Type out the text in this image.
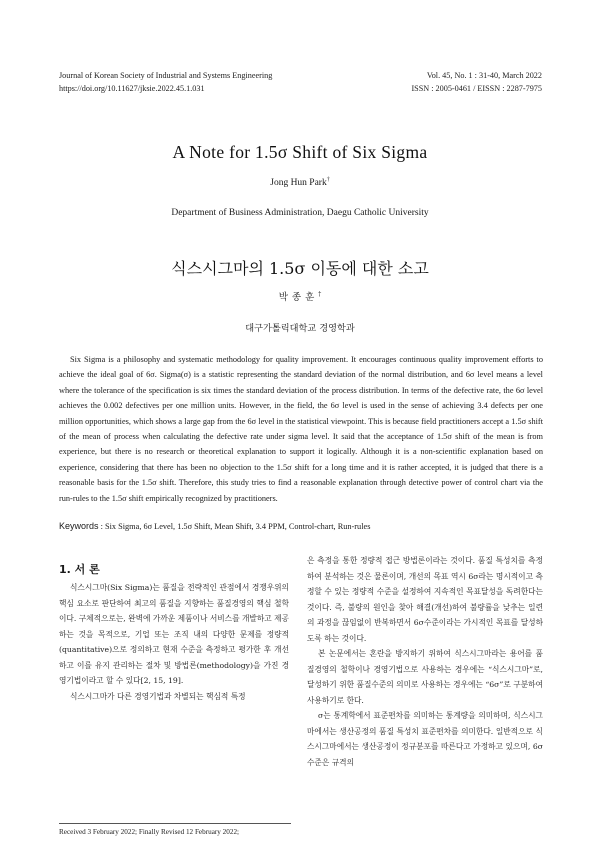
Journal of Korean Society of Industrial and Systems Engineering
https://doi.org/10.11627/jksie.2022.45.1.031
Vol. 45, No. 1 : 31-40, March 2022
ISSN : 2005-0461 / EISSN : 2287-7975
A Note for 1.5σ Shift of Six Sigma
Jong Hun Park†
Department of Business Administration, Daegu Catholic University
식스시그마의 1.5σ 이동에 대한 소고
박종훈†
대구가톨릭대학교 경영학과
Six Sigma is a philosophy and systematic methodology for quality improvement. It encourages continuous quality improvement efforts to achieve the ideal goal of 6σ. Sigma(σ) is a statistic representing the standard deviation of the normal distribution, and 6σ level means a level where the tolerance of the specification is six times the standard deviation of the process distribution. In terms of the defective rate, the 6σ level achieves the 0.002 defectives per one million units. However, in the field, the 6σ level is used in the sense of achieving 3.4 defects per one million opportunities, which shows a large gap from the 6σ level in the statistical viewpoint. This is because field practitioners accept a 1.5σ shift of the mean of process when calculating the defective rate under sigma level. It said that the acceptance of 1.5σ shift of the mean is from experience, but there is no research or theoretical explanation to support it logically. Although it is a non-scientific explanation based on experience, considering that there has been no objection to the 1.5σ shift for a long time and it is rather accepted, it is judged that there is a reasonable basis for the 1.5σ shift. Therefore, this study tries to find a reasonable explanation through detective power of control chart via the run-rules to the 1.5σ shift empirically recognized by practitioners.
Keywords : Six Sigma, 6σ Level, 1.5σ Shift, Mean Shift, 3.4 PPM, Control-chart, Run-rules
1. 서 론

식스시그마(Six Sigma)는 품질을 전략적인 관점에서 경쟁우위의 핵심 요소로 판단하여 최고의 품질을 지향하는 품질경영의 핵심 철학이다. 구체적으로는, 완벽에 가까운 제품이나 서비스를 개발하고 제공하는 것을 목적으로, 기업 또는 조직 내의 다양한 문제를 정량적(quantitative)으로 정의하고 현재 수준을 측정하고 평가한 후 개선하고 이를 유지 관리하는 절차 및 방법론(methodology)을 가진 경영기법이라고 할 수 있다[2, 15, 19].

식스시그마가 다른 경영기법과 차별되는 핵심적 특정

은 측정을 통한 정량적 접근 방법론이라는 것이다. 품질 특성치를 측정하여 분석하는 것은 물론이며, 개선의 목표 역시 6σ라는 명시적이고 측정할 수 있는 정량적 수준을 설정하여 지속적인 목표달성을 독려한다는 것이다. 즉, 불량의 원인을 찾아 해결(개선)하여 불량률을 낮추는 일련의 과정을 끊임없이 반복하면서 6σ수준이라는 가시적인 목표를 달성하도록 하는 것이다.

본 논문에서는 혼란을 방지하기 위하여 식스시그마라는 용어를 품질경영의 철학이나 경영기법으로 사용하는 경우에는 “식스시그마”로, 달성하기 위한 품질수준의 의미로 사용하는 경우에는 “6σ”로 구분하여 사용하기로 한다.

σ는 통계학에서 표준편차를 의미하는 통계량을 의미하며, 식스시그마에서는 생산공정의 품질 특성치 표준편차를 의미한다. 일반적으로 식스시그마에서는 생산공정이 정규분포를 따른다고 가정하고 있으며, 6σ수준은 규격의

Received 3 February 2022; Finally Revised 12 February 2022;
